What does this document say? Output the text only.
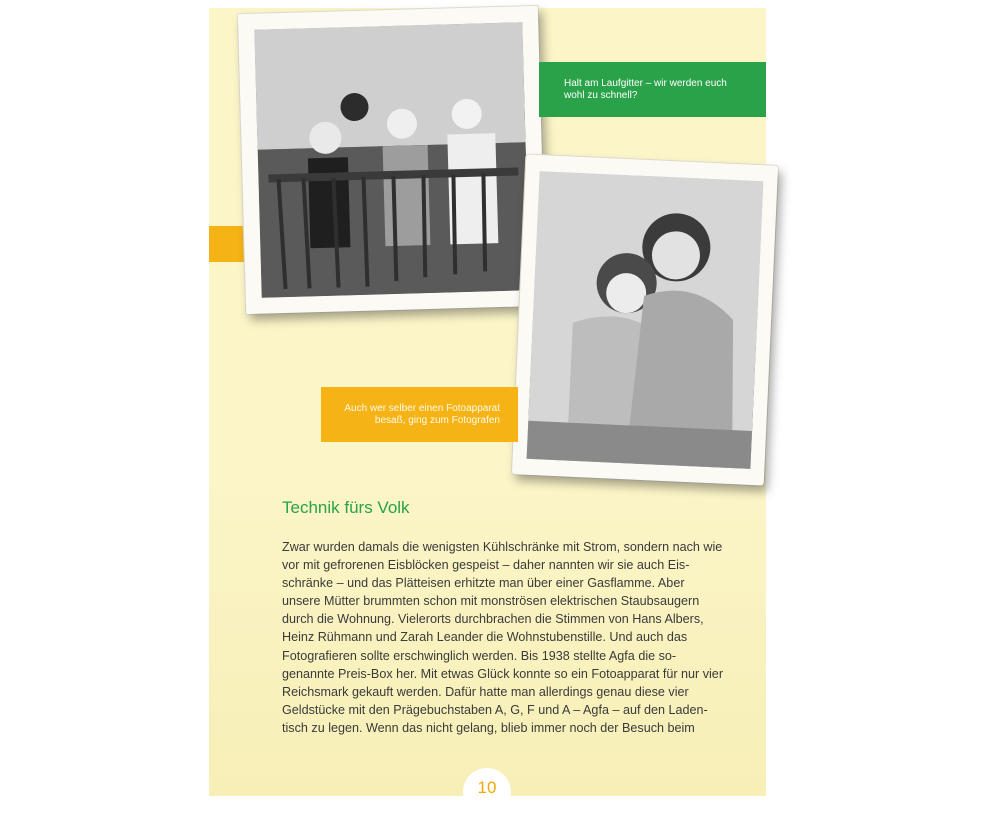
Halt am Laufgitter – wir werden euch wohl zu schnell?
Auch wer selber einen Fotoapparat besaß, ging zum Fotografen
Technik fürs Volk
Zwar wurden damals die wenigsten Kühlschränke mit Strom, sondern nach wie
vor mit gefrorenen Eisblöcken gespeist – daher nannten wir sie auch Eis-
schränke – und das Plätteisen erhitzte man über einer Gasflamme. Aber
unsere Mütter brummten schon mit monströsen elektrischen Staubsaugern
durch die Wohnung. Vielerorts durchbrachen die Stimmen von Hans Albers,
Heinz Rühmann und Zarah Leander die Wohnstubenstille. Und auch das
Fotografieren sollte erschwinglich werden. Bis 1938 stellte Agfa die so-
genannte Preis-Box her. Mit etwas Glück konnte so ein Fotoapparat für nur vier
Reichsmark gekauft werden. Dafür hatte man allerdings genau diese vier
Geldstücke mit den Prägebuchstaben A, G, F und A – Agfa – auf den Laden-
tisch zu legen. Wenn das nicht gelang, blieb immer noch der Besuch beim
10
